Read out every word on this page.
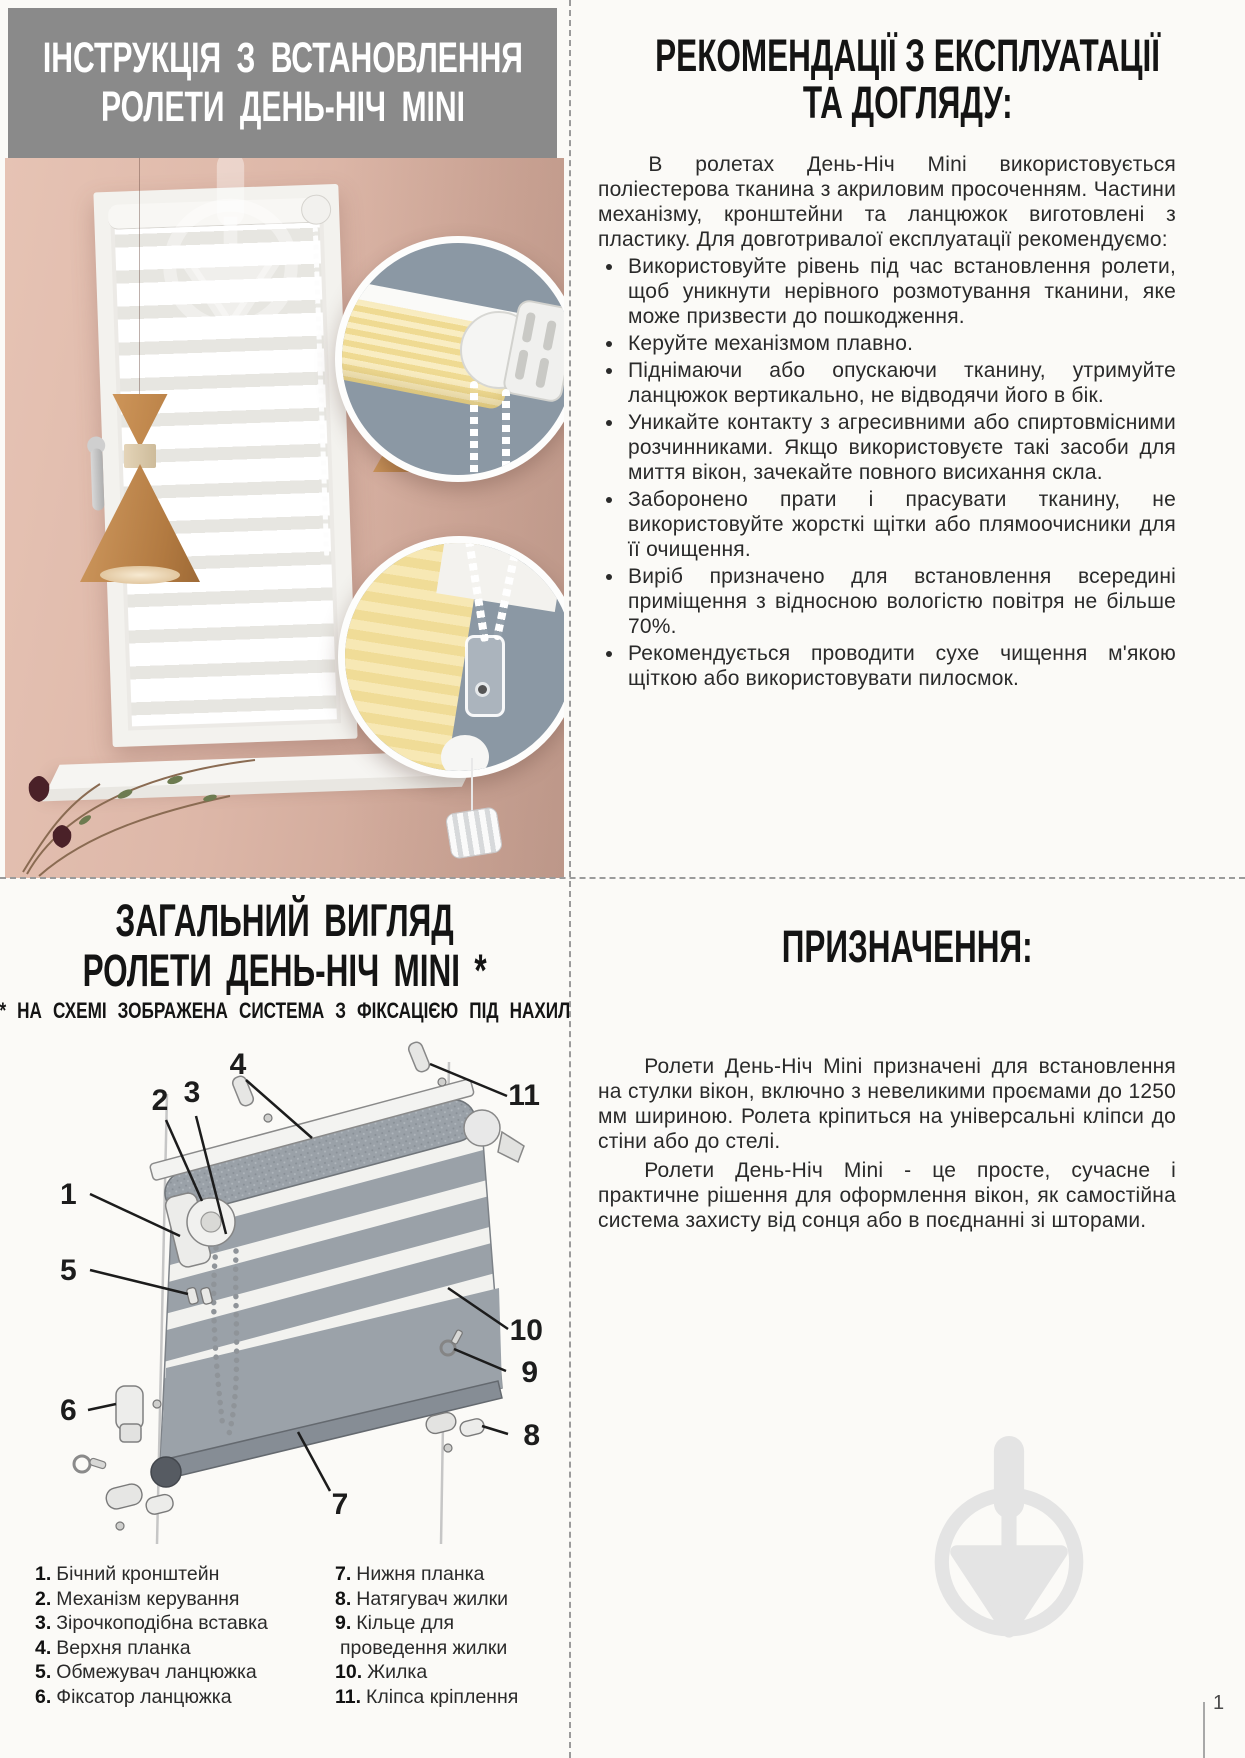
ІНСТРУКЦІЯ З ВСТАНОВЛЕННЯ
РОЛЕТИ ДЕНЬ-НІЧ MINI
РЕКОМЕНДАЦІЇ З ЕКСПЛУАТАЦІЇ
ТА ДОГЛЯДУ:

В ролетах День-Ніч Mini використовується поліестерова тканина з акриловим просоченням. Частини механізму, кронштейни та ланцюжок виготовлені з пластику. Для довготривалої експлуатації рекомендуємо:

• Використовуйте рівень під час встановлення ролети, щоб уникнути нерівного розмотування тканини, яке може призвести до пошкодження.
• Керуйте механізмом плавно.
• Піднімаючи або опускаючи тканину, утримуйте ланцюжок вертикально, не відводячи його в бік.
• Уникайте контакту з агресивними або спиртовмісними розчинниками. Якщо використовуєте такі засоби для миття вікон, зачекайте повного висихання скла.
• Заборонено прати і прасувати тканину, не використовуйте жорсткі щітки або плямоочисники для її очищення.
• Виріб призначено для встановлення всередині приміщення з відносною вологістю повітря не більше 70%.
• Рекомендується проводити сухе чищення м'якою щіткою або використовувати пилосмок.
ЗАГАЛЬНИЙ ВИГЛЯД
РОЛЕТИ ДЕНЬ-НІЧ MINI *
* НА СХЕМІ ЗОБРАЖЕНА СИСТЕМА З ФІКСАЦІЄЮ ПІД НАХИЛ
1
2 3
4
5
6
7
8
9
10
11
1. Бічний кронштейн
2. Механізм керування
3. Зірочкоподібна вставка
4. Верхня планка
5. Обмежувач ланцюжка
6. Фіксатор ланцюжка
7. Нижня планка
8. Натягувач жилки
9. Кільце для
проведення жилки
10. Жилка
11. Кліпса кріплення
ПРИЗНАЧЕННЯ:

Ролети День-Ніч Mini призначені для встановлення на стулки вікон, включно з невеликими проємами до 1250 мм шириною. Ролета кріпиться на універсальні кліпси до стіни або до стелі.

Ролети День-Ніч Mini - це просте, сучасне і практичне рішення для оформлення вікон, як самостійна система захисту від сонця або в поєднанні зі шторами.

1
